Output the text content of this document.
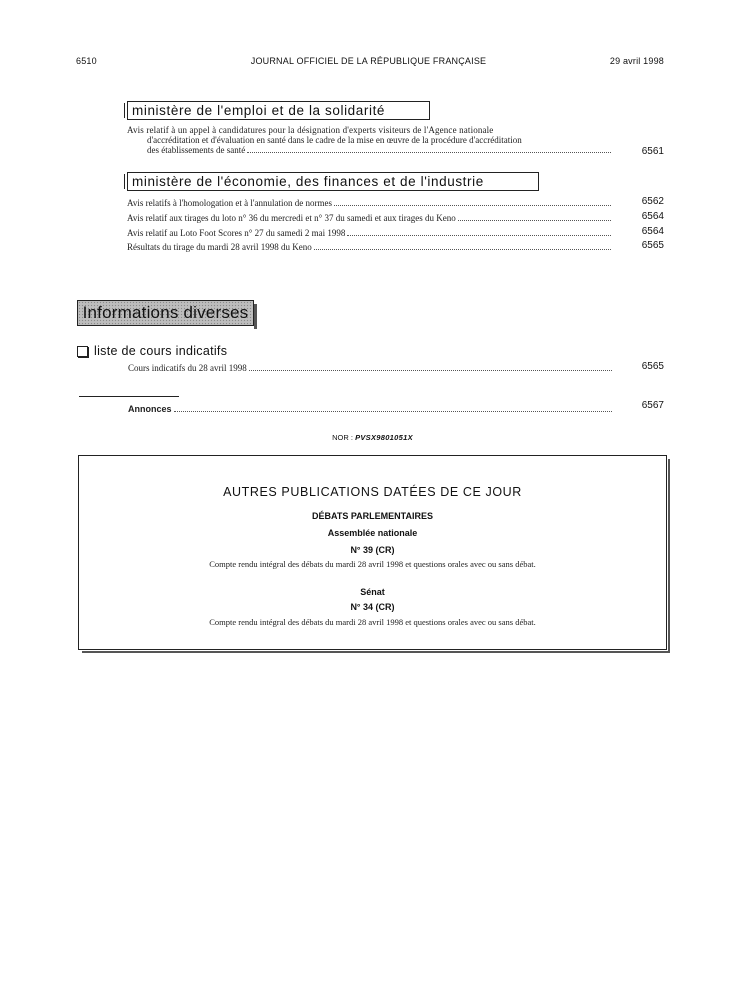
6510	JOURNAL OFFICIEL DE LA RÉPUBLIQUE FRANÇAISE	29 avril 1998
ministère de l'emploi et de la solidarité
Avis relatif à un appel à candidatures pour la désignation d'experts visiteurs de l'Agence nationale
d'accréditation et d'évaluation en santé dans le cadre de la mise en œuvre de la procédure d'accréditation
des établissements de santé	6561
ministère de l'économie, des finances et de l'industrie
Avis relatifs à l'homologation et à l'annulation de normes	6562
Avis relatif aux tirages du loto n° 36 du mercredi et n° 37 du samedi et aux tirages du Keno	6564
Avis relatif au Loto Foot Scores n° 27 du samedi 2 mai 1998	6564
Résultats du tirage du mardi 28 avril 1998 du Keno	6565
Informations diverses
liste de cours indicatifs
Cours indicatifs du 28 avril 1998	6565
Annonces	6567
NOR : PVSX9801051X
AUTRES PUBLICATIONS DATÉES DE CE JOUR
DÉBATS PARLEMENTAIRES
Assemblée nationale
N° 39 (CR)
Compte rendu intégral des débats du mardi 28 avril 1998 et questions orales avec ou sans débat.
Sénat
N° 34 (CR)
Compte rendu intégral des débats du mardi 28 avril 1998 et questions orales avec ou sans débat.
